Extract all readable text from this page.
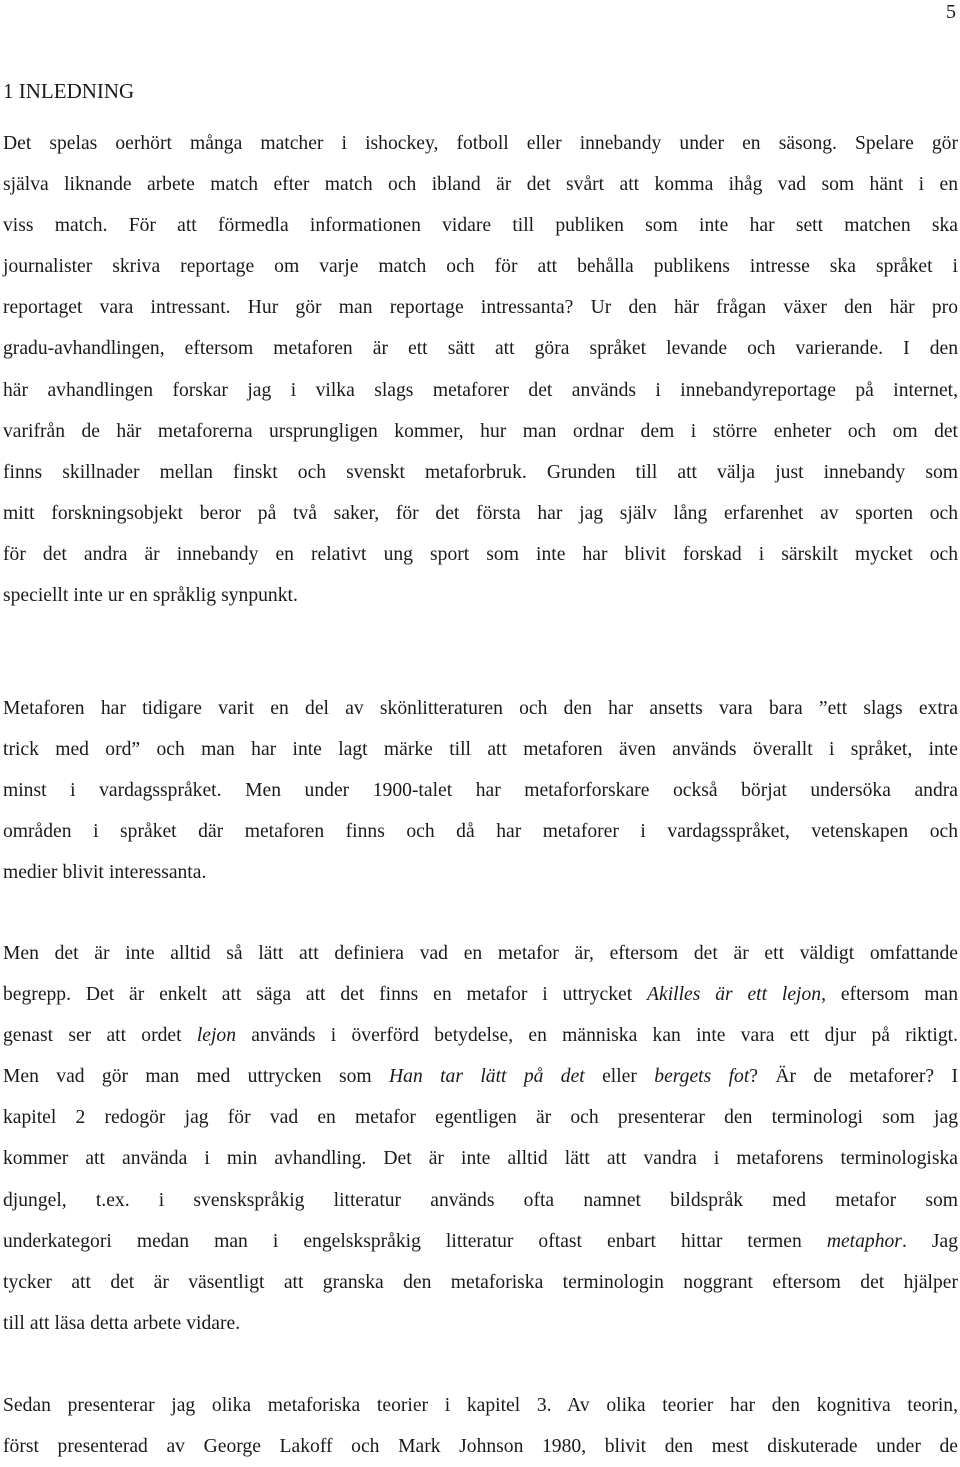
5
1 INLEDNING

Det spelas oerhört många matcher i ishockey, fotboll eller innebandy under en säsong. Spelare gör
själva liknande arbete match efter match och ibland är det svårt att komma ihåg vad som hänt i en
viss match. För att förmedla informationen vidare till publiken som inte har sett matchen ska
journalister skriva reportage om varje match och för att behålla publikens intresse ska språket i
reportaget vara intressant. Hur gör man reportage intressanta? Ur den här frågan växer den här pro
gradu-avhandlingen, eftersom metaforen är ett sätt att göra språket levande och varierande. I den
här avhandlingen forskar jag i vilka slags metaforer det används i innebandyreportage på internet,
varifrån de här metaforerna ursprungligen kommer, hur man ordnar dem i större enheter och om det
finns skillnader mellan finskt och svenskt metaforbruk. Grunden till att välja just innebandy som
mitt forskningsobjekt beror på två saker, för det första har jag själv lång erfarenhet av sporten och
för det andra är innebandy en relativt ung sport som inte har blivit forskad i särskilt mycket och
speciellt inte ur en språklig synpunkt.

Metaforen har tidigare varit en del av skönlitteraturen och den har ansetts vara bara ”ett slags extra
trick med ord” och man har inte lagt märke till att metaforen även används överallt i språket, inte
minst i vardagsspråket. Men under 1900-talet har metaforforskare också börjat undersöka andra
områden i språket där metaforen finns och då har metaforer i vardagsspråket, vetenskapen och
medier blivit interessanta.

Men det är inte alltid så lätt att definiera vad en metafor är, eftersom det är ett väldigt omfattande
begrepp. Det är enkelt att säga att det finns en metafor i uttrycket Akilles är ett lejon, eftersom man
genast ser att ordet lejon används i överförd betydelse, en människa kan inte vara ett djur på riktigt.
Men vad gör man med uttrycken som Han tar lätt på det eller bergets fot? Är de metaforer? I
kapitel 2 redogör jag för vad en metafor egentligen är och presenterar den terminologi som jag
kommer att använda i min avhandling. Det är inte alltid lätt att vandra i metaforens terminologiska
djungel, t.ex. i svenskspråkig litteratur används ofta namnet bildspråk med metafor som
underkategori medan man i engelskspråkig litteratur oftast enbart hittar termen metaphor. Jag
tycker att det är väsentligt att granska den metaforiska terminologin noggrant eftersom det hjälper
till att läsa detta arbete vidare.

Sedan presenterar jag olika metaforiska teorier i kapitel 3. Av olika teorier har den kognitiva teorin,
först presenterad av George Lakoff och Mark Johnson 1980, blivit den mest diskuterade under de
